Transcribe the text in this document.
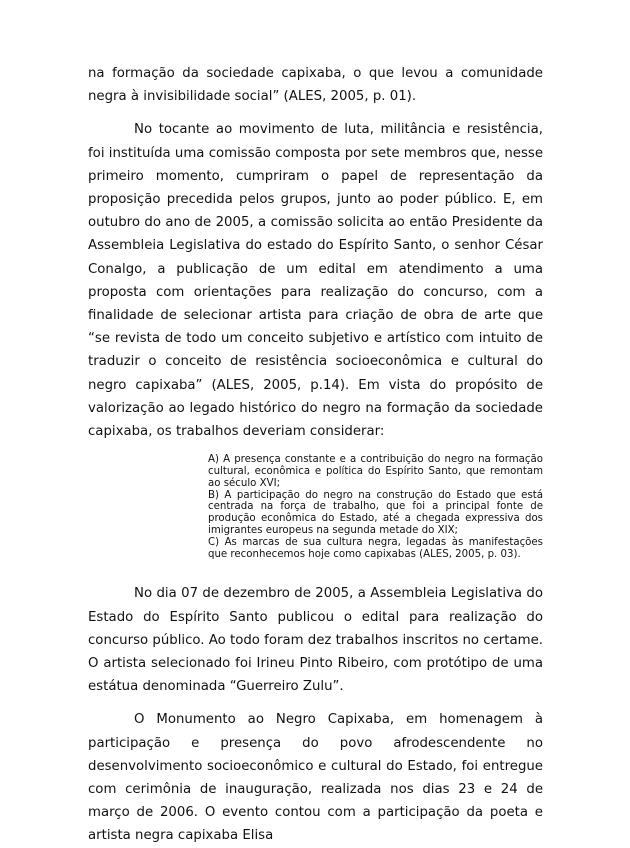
na formação da sociedade capixaba, o que levou a comunidade negra à invisibilidade social” (ALES, 2005, p. 01).

No tocante ao movimento de luta, militância e resistência, foi instituída uma comissão composta por sete membros que, nesse primeiro momento, cumpriram o papel de representação da proposição precedida pelos grupos, junto ao poder público. E, em outubro do ano de 2005, a comissão solicita ao então Presidente da Assembleia Legislativa do estado do Espírito Santo, o senhor César Conalgo, a publicação de um edital em atendimento a uma proposta com orientações para realização do concurso, com a finalidade de selecionar artista para criação de obra de arte que “se revista de todo um conceito subjetivo e artístico com intuito de traduzir o conceito de resistência socioeconômica e cultural do negro capixaba” (ALES, 2005, p.14). Em vista do propósito de valorização ao legado histórico do negro na formação da sociedade capixaba, os trabalhos deveriam considerar:

A) A presença constante e a contribuição do negro na formação cultural, econômica e política do Espírito Santo, que remontam ao século XVI;

B) A participação do negro na construção do Estado que está centrada na força de trabalho, que foi a principal fonte de produção econômica do Estado, até a chegada expressiva dos imigrantes europeus na segunda metade do XIX;

C) As marcas de sua cultura negra, legadas às manifestações que reconhecemos hoje como capixabas (ALES, 2005, p. 03).

No dia 07 de dezembro de 2005, a Assembleia Legislativa do Estado do Espírito Santo publicou o edital para realização do concurso público. Ao todo foram dez trabalhos inscritos no certame. O artista selecionado foi Irineu Pinto Ribeiro, com protótipo de uma estátua denominada “Guerreiro Zulu”.

O Monumento ao Negro Capixaba, em homenagem à participação e presença do povo afrodescendente no desenvolvimento socioeconômico e cultural do Estado, foi entregue com cerimônia de inauguração, realizada nos dias 23 e 24 de março de 2006. O evento contou com a participação da poeta e artista negra capixaba Elisa
